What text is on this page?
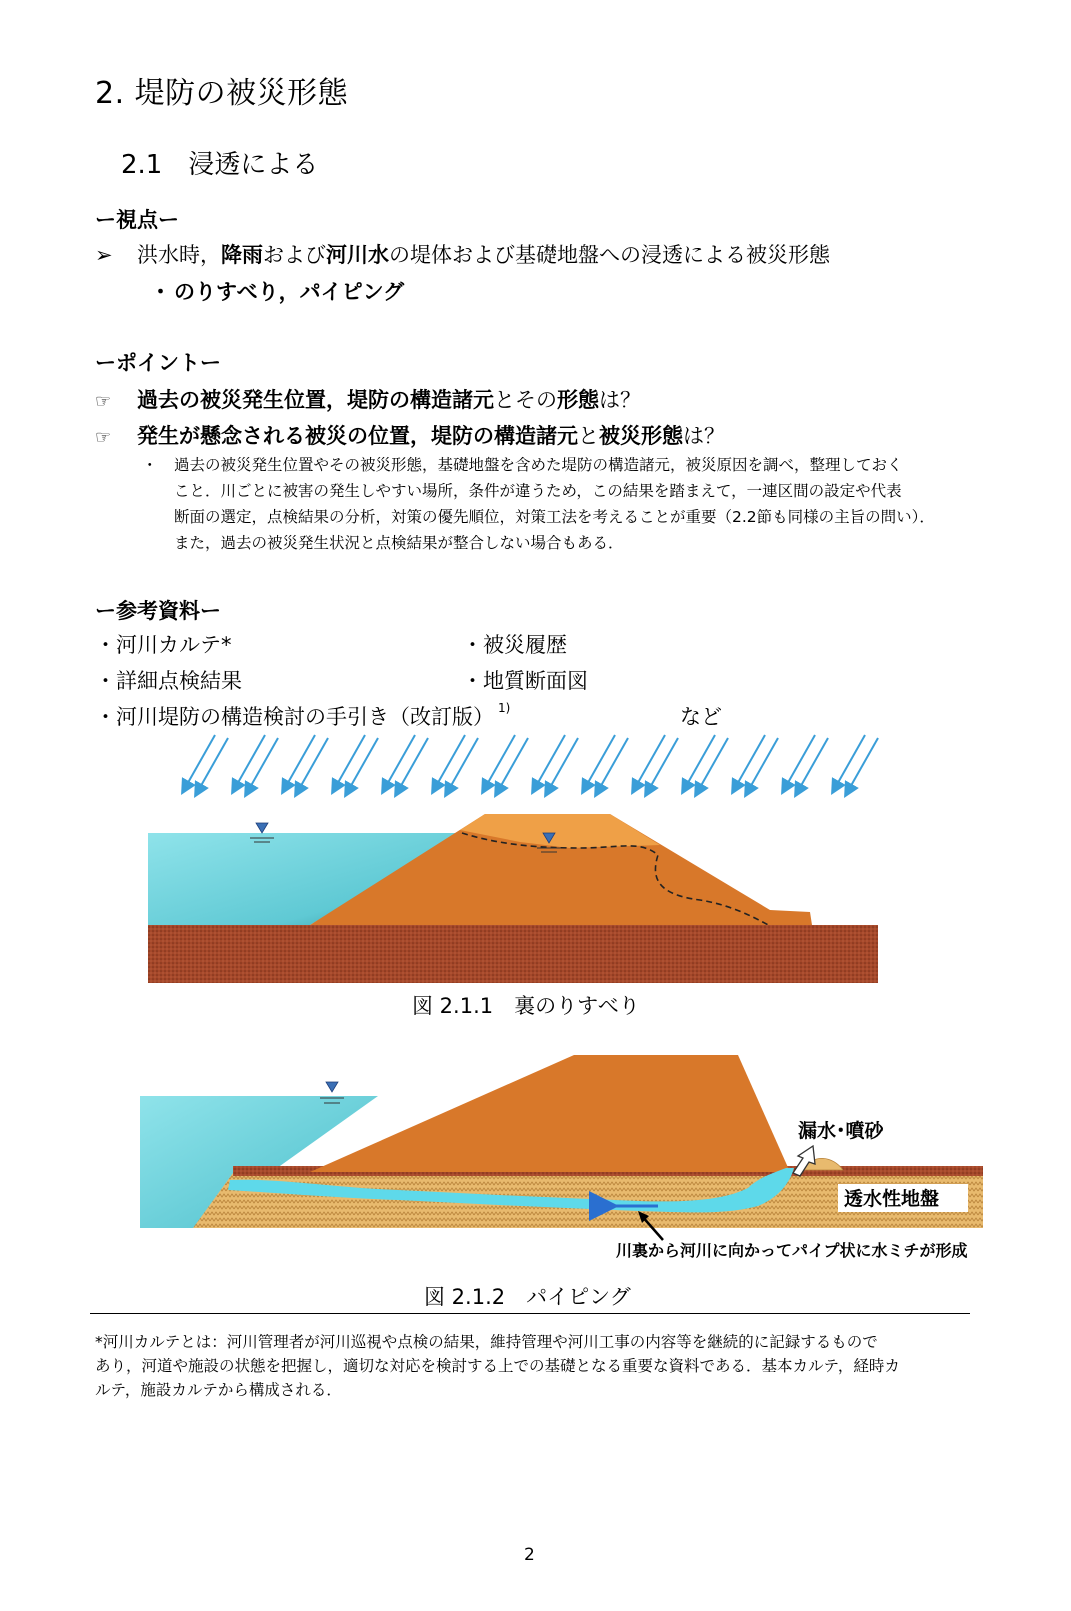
2. 堤防の被災形態
2.1　浸透による
ー視点ー
➢ 洪水時，降雨および河川水の堤体および基礎地盤への浸透による被災形態
・ のりすべり，パイピング
ーポイントー
☞ 過去の被災発生位置，堤防の構造諸元とその形態は？
☞ 発生が懸念される被災の位置，堤防の構造諸元と被災形態は？
・ 過去の被災発生位置やその被災形態，基礎地盤を含めた堤防の構造諸元，被災原因を調べ，整理しておく
こと．川ごとに被害の発生しやすい場所，条件が違うため，この結果を踏まえて，一連区間の設定や代表
断面の選定，点検結果の分析，対策の優先順位，対策工法を考えることが重要（2.2節も同様の主旨の問い）．
また，過去の被災発生状況と点検結果が整合しない場合もある．
ー参考資料ー
・河川カルテ*	・被災履歴
・詳細点検結果	・地質断面図
・河川堤防の構造検討の手引き（改訂版） $^{1)}$	など
図 2.1.1　裏のりすべり
漏水･噴砂
透水性地盤
川裏から河川に向かってパイプ状に水ミチが形成
図 2.1.2　パイピング
*河川カルテとは：河川管理者が河川巡視や点検の結果，維持管理や河川工事の内容等を継続的に記録するもので
あり，河道や施設の状態を把握し，適切な対応を検討する上での基礎となる重要な資料である．基本カルテ，経時カ
ルテ，施設カルテから構成される．
2
